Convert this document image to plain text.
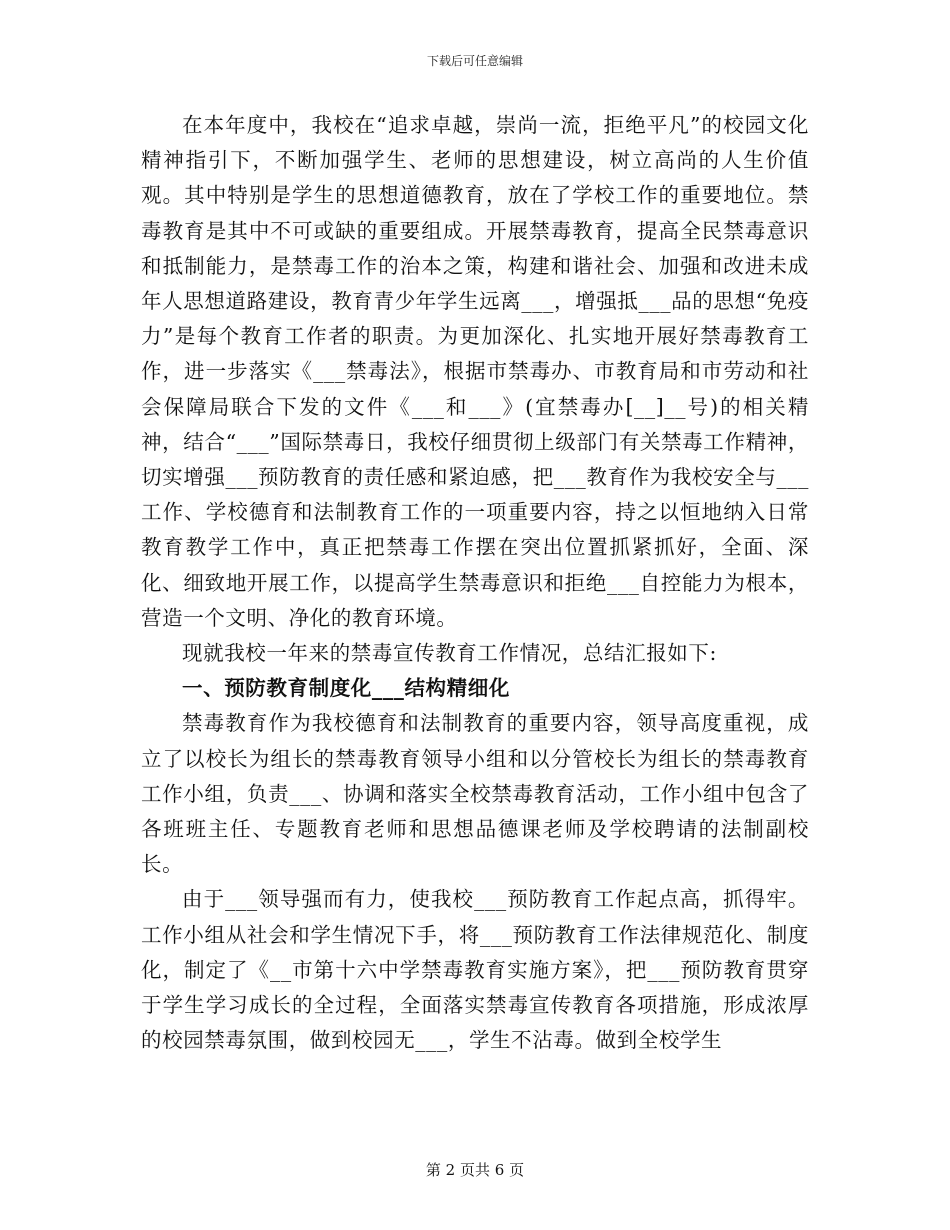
下载后可任意编辑

在本年度中，我校在“追求卓越，崇尚一流，拒绝平凡”的校园文化精神指引下，不断加强学生、老师的思想建设，树立高尚的人生价值观。其中特别是学生的思想道德教育，放在了学校工作的重要地位。禁毒教育是其中不可或缺的重要组成。开展禁毒教育，提高全民禁毒意识和抵制能力，是禁毒工作的治本之策，构建和谐社会、加强和改进未成年人思想道路建设，教育青少年学生远离___，增强抵___品的思想“免疫力”是每个教育工作者的职责。为更加深化、扎实地开展好禁毒教育工作，进一步落实《___禁毒法》，根据市禁毒办、市教育局和市劳动和社会保障局联合下发的文件《___和___》(宜禁毒办[__]__号)的相关精神，结合“___”国际禁毒日，我校仔细贯彻上级部门有关禁毒工作精神，切实增强___预防教育的责任感和紧迫感，把___教育作为我校安全与___工作、学校德育和法制教育工作的一项重要内容，持之以恒地纳入日常教育教学工作中，真正把禁毒工作摆在突出位置抓紧抓好，全面、深化、细致地开展工作，以提高学生禁毒意识和拒绝___自控能力为根本，营造一个文明、净化的教育环境。

现就我校一年来的禁毒宣传教育工作情况，总结汇报如下:

一、预防教育制度化___结构精细化

禁毒教育作为我校德育和法制教育的重要内容，领导高度重视，成立了以校长为组长的禁毒教育领导小组和以分管校长为组长的禁毒教育工作小组，负责___、协调和落实全校禁毒教育活动，工作小组中包含了各班班主任、专题教育老师和思想品德课老师及学校聘请的法制副校长。

由于___领导强而有力，使我校___预防教育工作起点高，抓得牢。工作小组从社会和学生情况下手，将___预防教育工作法律规范化、制度化，制定了《__市第十六中学禁毒教育实施方案》，把___预防教育贯穿于学生学习成长的全过程，全面落实禁毒宣传教育各项措施，形成浓厚的校园禁毒氛围，做到校园无___，学生不沾毒。做到全校学生

第 2 页共 6 页
